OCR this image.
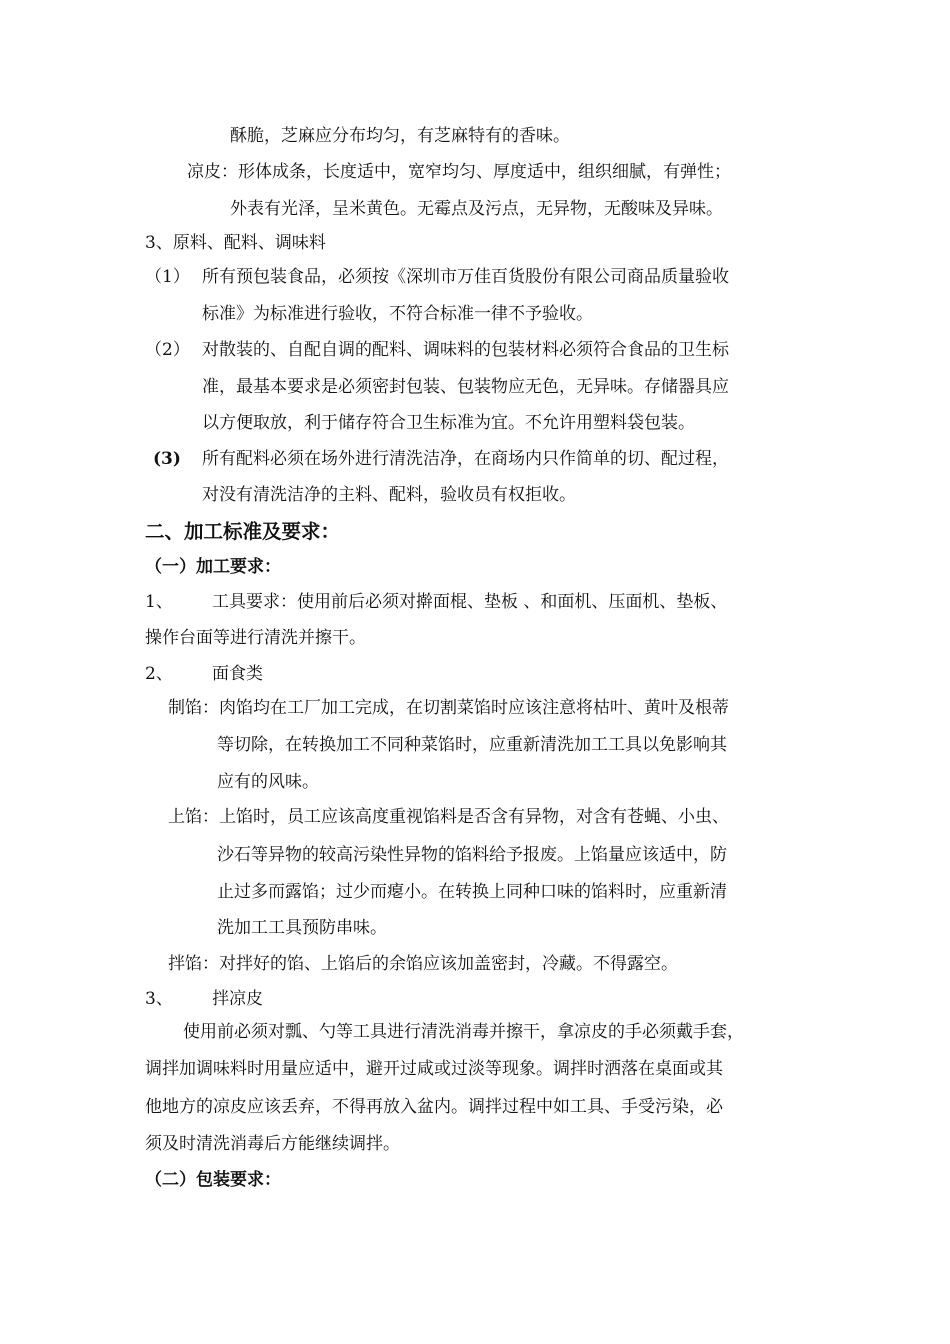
酥脆，芝麻应分布均匀，有芝麻特有的香味。
凉皮：形体成条，长度适中，宽窄均匀、厚度适中，组织细腻，有弹性；
外表有光泽，呈米黄色。无霉点及污点，无异物，无酸味及异味。
3、原料、配料、调味料
（1） 所有预包装食品，必须按《深圳市万佳百货股份有限公司商品质量验收
标准》为标准进行验收，不符合标准一律不予验收。
（2） 对散装的、自配自调的配料、调味料的包装材料必须符合食品的卫生标
准，最基本要求是必须密封包装、包装物应无色，无异味。存储器具应
以方便取放，利于储存符合卫生标准为宜。不允许用塑料袋包装。
(3) 所有配料必须在场外进行清洗洁净，在商场内只作简单的切、配过程，
对没有清洗洁净的主料、配料，验收员有权拒收。
二、加工标准及要求：
（一）加工要求：
1、 工具要求：使用前后必须对擀面棍、垫板 、和面机、压面机、垫板、
操作台面等进行清洗并擦干。
2、 面食类
制馅：肉馅均在工厂加工完成，在切割菜馅时应该注意将枯叶、黄叶及根蒂
等切除，在转换加工不同种菜馅时，应重新清洗加工工具以免影响其
应有的风味。
上馅：上馅时，员工应该高度重视馅料是否含有异物，对含有苍蝇、小虫、
沙石等异物的较高污染性异物的馅料给予报废。上馅量应该适中，防
止过多而露馅；过少而瘪小。在转换上同种口味的馅料时，应重新清
洗加工工具预防串味。
拌馅：对拌好的馅、上馅后的余馅应该加盖密封，冷藏。不得露空。
3、 拌凉皮
使用前必须对瓢、勺等工具进行清洗消毒并擦干，拿凉皮的手必须戴手套，
调拌加调味料时用量应适中，避开过咸或过淡等现象。调拌时洒落在桌面或其
他地方的凉皮应该丢弃，不得再放入盆内。调拌过程中如工具、手受污染，必
须及时清洗消毒后方能继续调拌。
（二）包装要求：
